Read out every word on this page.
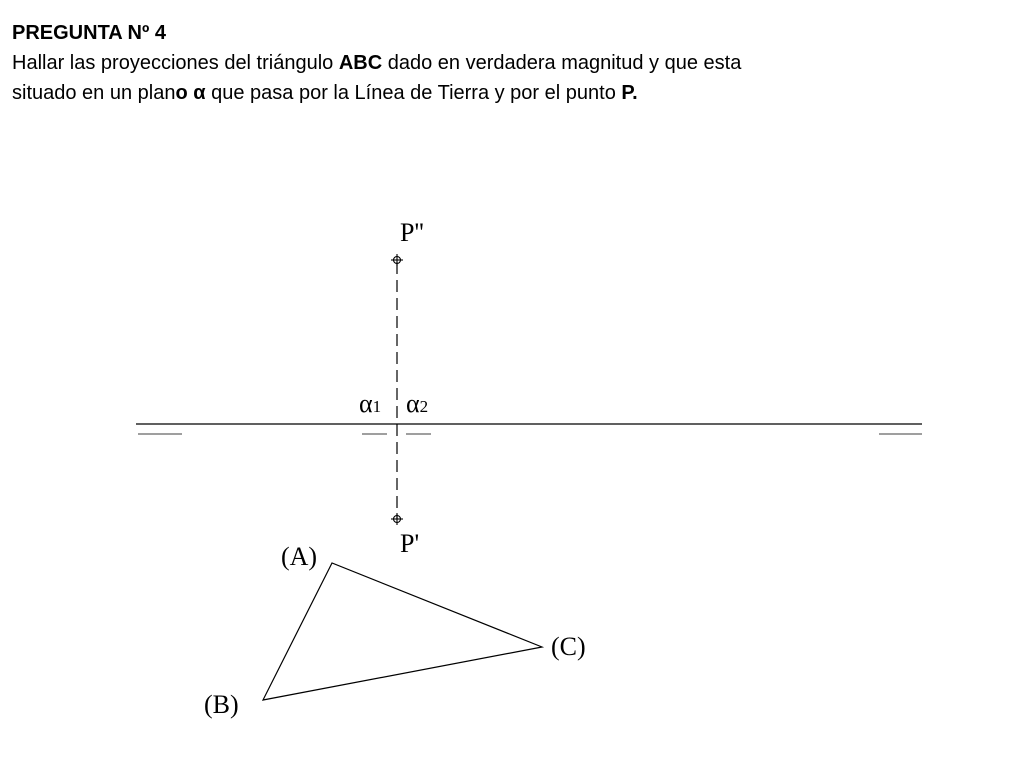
PREGUNTA Nº 4
Hallar las proyecciones del triángulo ABC dado en verdadera magnitud y que esta
situado en un plano α que pasa por la Línea de Tierra y por el punto P.
P''
P'
α1 α2
(A)
(B)
(C)
